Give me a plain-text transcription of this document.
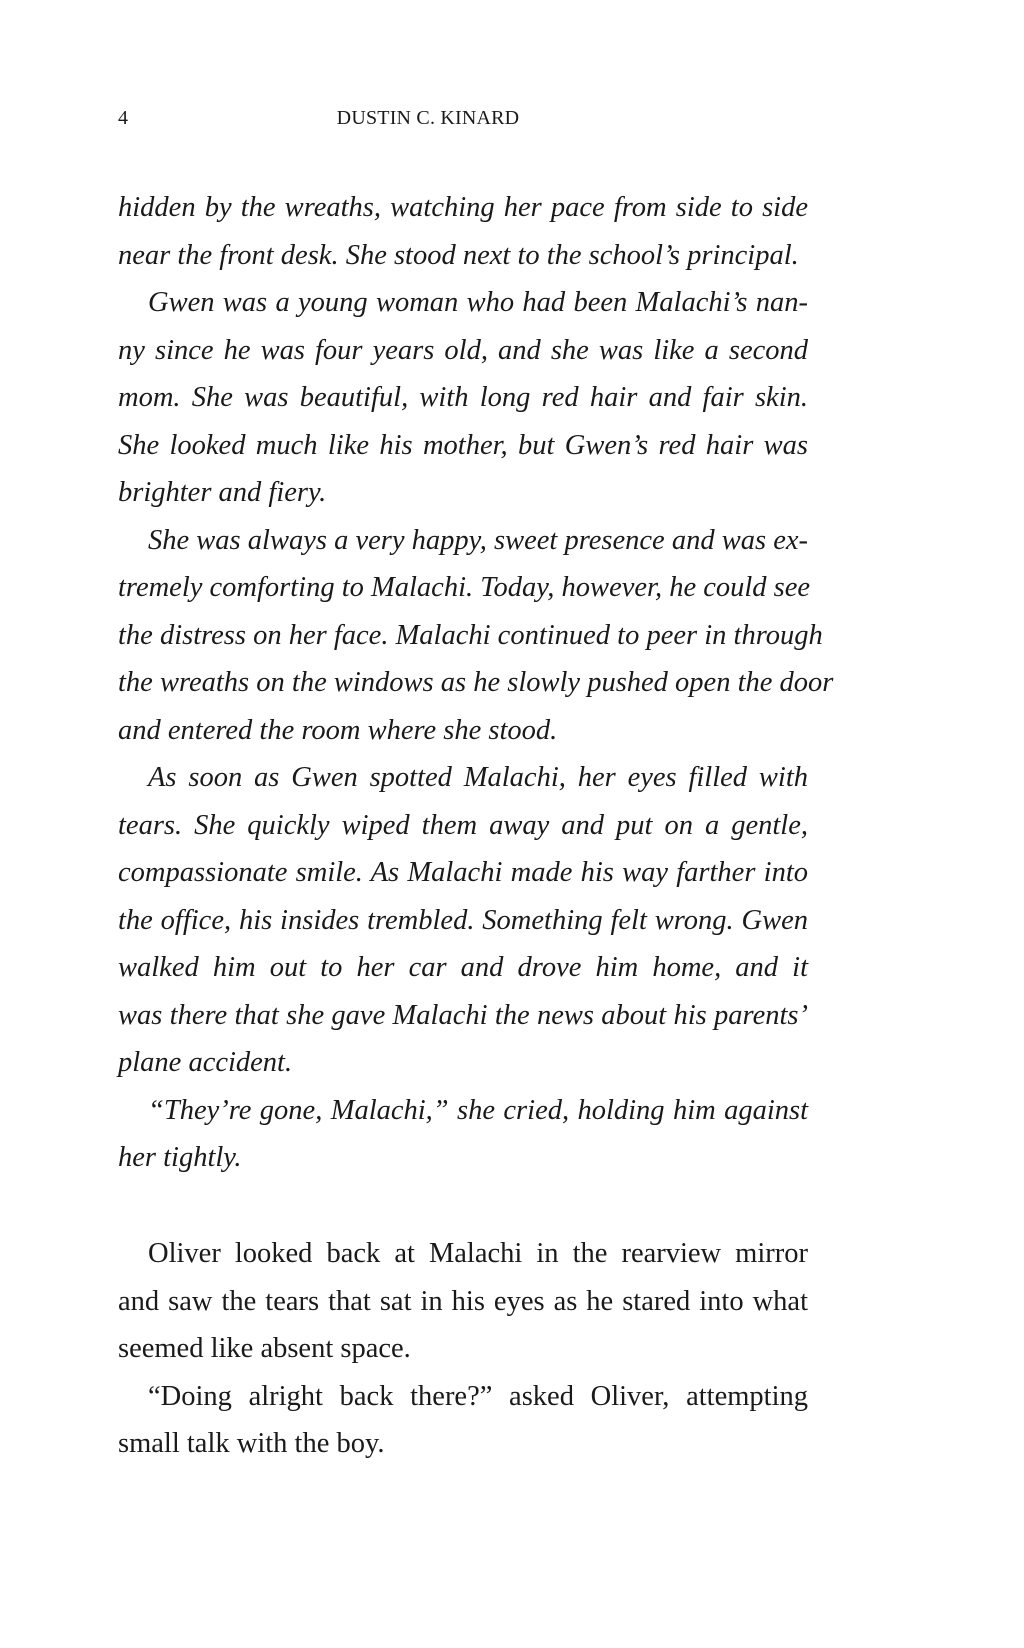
4	DUSTIN C. KINARD
hidden by the wreaths, watching her pace from side to side
near the front desk. She stood next to the school’s principal.
Gwen was a young woman who had been Malachi’s nan-
ny since he was four years old, and she was like a second
mom. She was beautiful, with long red hair and fair skin.
She looked much like his mother, but Gwen’s red hair was
brighter and fiery.
She was always a very happy, sweet presence and was ex-
tremely comforting to Malachi. Today, however, he could see
the distress on her face. Malachi continued to peer in through
the wreaths on the windows as he slowly pushed open the door
and entered the room where she stood.
As soon as Gwen spotted Malachi, her eyes filled with
tears. She quickly wiped them away and put on a gentle,
compassionate smile. As Malachi made his way farther into
the office, his insides trembled. Something felt wrong. Gwen
walked him out to her car and drove him home, and it
was there that she gave Malachi the news about his parents’
plane accident.
“They’re gone, Malachi,” she cried, holding him against
her tightly.
Oliver looked back at Malachi in the rearview mirror
and saw the tears that sat in his eyes as he stared into what
seemed like absent space.
“Doing alright back there?” asked Oliver, attempting
small talk with the boy.
